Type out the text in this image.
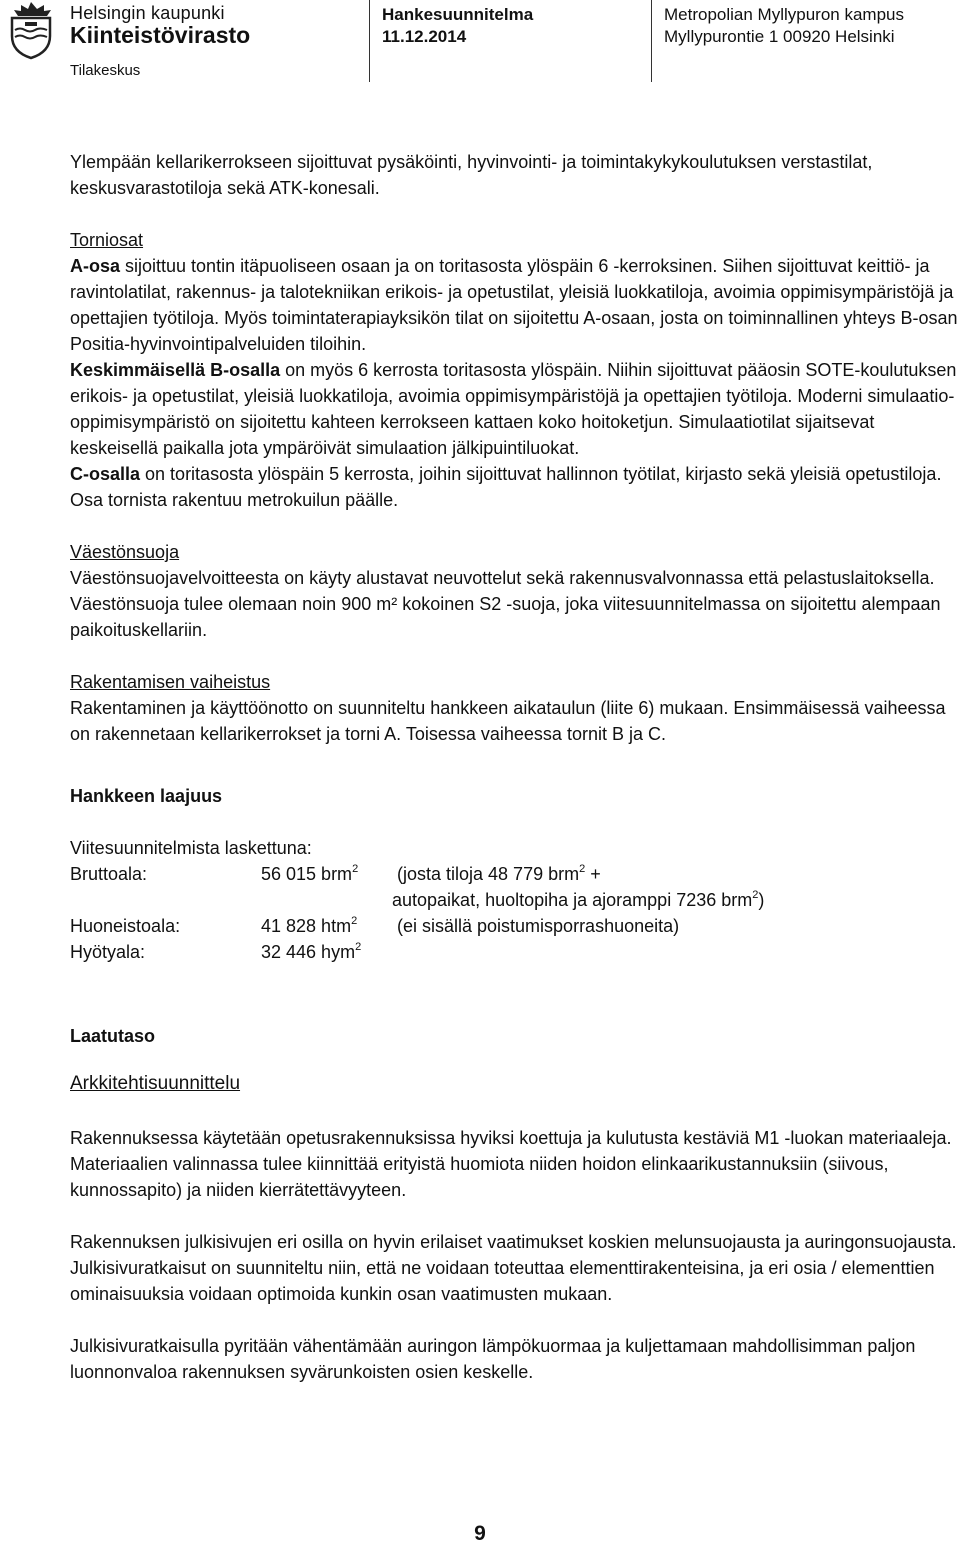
Helsingin kaupunki
Kiinteistövirasto
Tilakeskus
Hankesuunnitelma
11.12.2014
Metropolian Myllypuron kampus
Myllypurontie 1 00920 Helsinki

Ylempään kellarikerrokseen sijoittuvat pysäköinti, hyvinvointi- ja toimintakykykoulutuksen verstastilat, keskusvarastotiloja sekä ATK-konesali.

Torniosat

A-osa sijoittuu tontin itäpuoliseen osaan ja on toritasosta ylöspäin 6 -kerroksinen. Siihen sijoittuvat keittiö- ja ravintolatilat, rakennus- ja talotekniikan erikois- ja opetustilat, yleisiä luokkatiloja, avoimia oppimisympäristöjä ja opettajien työtiloja. Myös toimintaterapiayksikön tilat on sijoitettu A-osaan, josta on toiminnallinen yhteys B-osan Positia-hyvinvointipalveluiden tiloihin.

Keskimmäisellä B-osalla on myös 6 kerrosta toritasosta ylöspäin. Niihin sijoittuvat pääosin SOTE-koulutuksen erikois- ja opetustilat, yleisiä luokkatiloja, avoimia oppimisympäristöjä ja opettajien työtiloja. Moderni simulaatio-oppimisympäristö on sijoitettu kahteen kerrokseen kattaen koko hoitoketjun. Simulaatiotilat sijaitsevat keskeisellä paikalla jota ympäröivät simulaation jälkipuintiluokat.

C-osalla on toritasosta ylöspäin 5 kerrosta, joihin sijoittuvat hallinnon työtilat, kirjasto sekä yleisiä opetustiloja. Osa tornista rakentuu metrokuilun päälle.

Väestönsuoja

Väestönsuojavelvoitteesta on käyty alustavat neuvottelut sekä rakennusvalvonnassa että pelastuslaitoksella. Väestönsuoja tulee olemaan noin 900 m² kokoinen S2 -suoja, joka viitesuunnitelmassa on sijoitettu alempaan paikoituskellariin.

Rakentamisen vaiheistus

Rakentaminen ja käyttöönotto on suunniteltu hankkeen aikataulun (liite 6) mukaan. Ensimmäisessä vaiheessa on rakennetaan kellarikerrokset ja torni A. Toisessa vaiheessa tornit B ja C.

Hankkeen laajuus

Viitesuunnitelmista laskettuna:

Bruttoala:	56 015 brm$^2$	(josta tiloja 48 779 brm$^2$ +
autopaikat, huoltopiha ja ajoramppi 7236 brm$^2$)
Huoneistoala:	41 828 htm$^2$	(ei sisällä poistumisporrashuoneita)
Hyötyala:	32 446 hym$^2$

Laatutaso

Arkkitehtisuunnittelu

Rakennuksessa käytetään opetusrakennuksissa hyviksi koettuja ja kulutusta kestäviä M1 -luokan materiaaleja. Materiaalien valinnassa tulee kiinnittää erityistä huomiota niiden hoidon elinkaarikustannuksiin (siivous, kunnossapito) ja niiden kierrätettävyyteen.

Rakennuksen julkisivujen eri osilla on hyvin erilaiset vaatimukset koskien melunsuojausta ja auringonsuojausta. Julkisivuratkaisut on suunniteltu niin, että ne voidaan toteuttaa elementtirakenteisina, ja eri osia / elementtien ominaisuuksia voidaan optimoida kunkin osan vaatimusten mukaan.

Julkisivuratkaisulla pyritään vähentämään auringon lämpökuormaa ja kuljettamaan mahdollisimman paljon luonnonvaloa rakennuksen syvärunkoisten osien keskelle.

9
